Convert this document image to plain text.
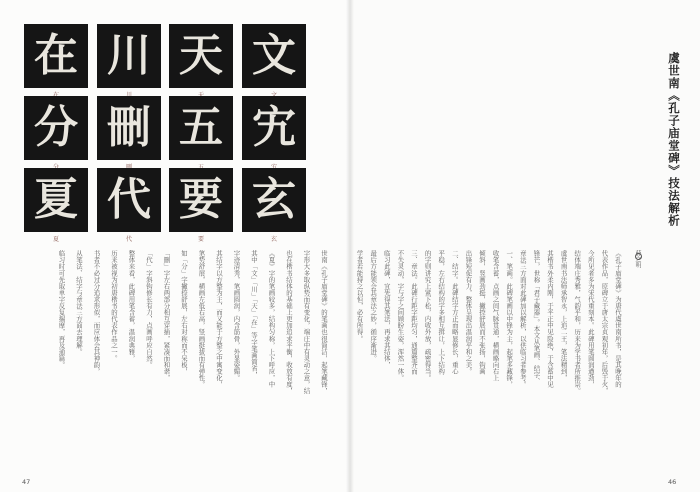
文
天
川
在
宄
五
刪
分
玄
玄
要
要
代
代
夏
夏
世南《孔子庙堂碑》的笔画也很简洁，起笔藏锋，
字形大多取纵势而有变化，端庄中有灵动之意，结
也在楷书结体的基础上更加追求平衡，收放有度，
《夏》字的笔画较多，结构匀称，上下呼应，中
其中「文」「川」「天」「在」等字笔画简省，
字迹清秀，笔画圆润，内含筋骨，外显姿媚。
其结字以方整为主，而又能于方整之中寓变化，
笔势舒展，横画左低右高，竖画挺拔而有弹性。
如「分」字撇捺舒展，左右对称而不呆板，
「刪」字左右两部分相互穿插，紧凑而和谐，
「代」字斜钩修长有力，点画呼应自然。
整体来看，此碑用笔含蓄，温润典雅，
历来被视为初唐楷书的代表作品之一。
书者不必过分追求形似，而应体会其神韵，
从笔法、结字与章法三方面去理解。
临习时可先取单字反复揣摩，再及通篇。	《孔子庙堂碑》为唐代虞世南所书，是其晚年的
代表作品，原碑立于唐太宗贞观初年，后毁于火，
今所见者多为宋代重刻本。此碑用笔圆润遒劲，
结体端庄秀雅，气韵平和，历来为学书者所推崇。
虞世南书法师承智永，上追二王，笔法精到，
其楷书外柔内刚，于平正中见险绝，于含蓄中见
锋芒，世称「君子藏器」。本文从笔画、结字、
章法三方面对此碑加以解析，以供临习者参考。
一、笔画。此碑笔画以中锋为主，起笔多藏锋，
收笔含蓄，点画之间气脉贯通，横画略向右上
倾斜，竖画劲挺，撇捺舒展而不张扬，钩画
出锋短促有力，整体呈现出温润平和之美。
二、结字。此碑结字方正而略显修长，重心
平稳，左右结构的字多相互揖让，上下结构
的字则讲究上紧下松，内收外放，疏密得当。
三、章法。此碑行距字距均匀，通篇整齐而
不失灵动，字与字之间顾盼生姿，浑然一体。
临习此碑，宜先得其笔法，再求其结体，
最后方能领会其章法之妙，循序渐进。
学者若能持之以恒，必有所得。
虞世南《孔子庙堂碑》技法解析
薛之明
47	46
